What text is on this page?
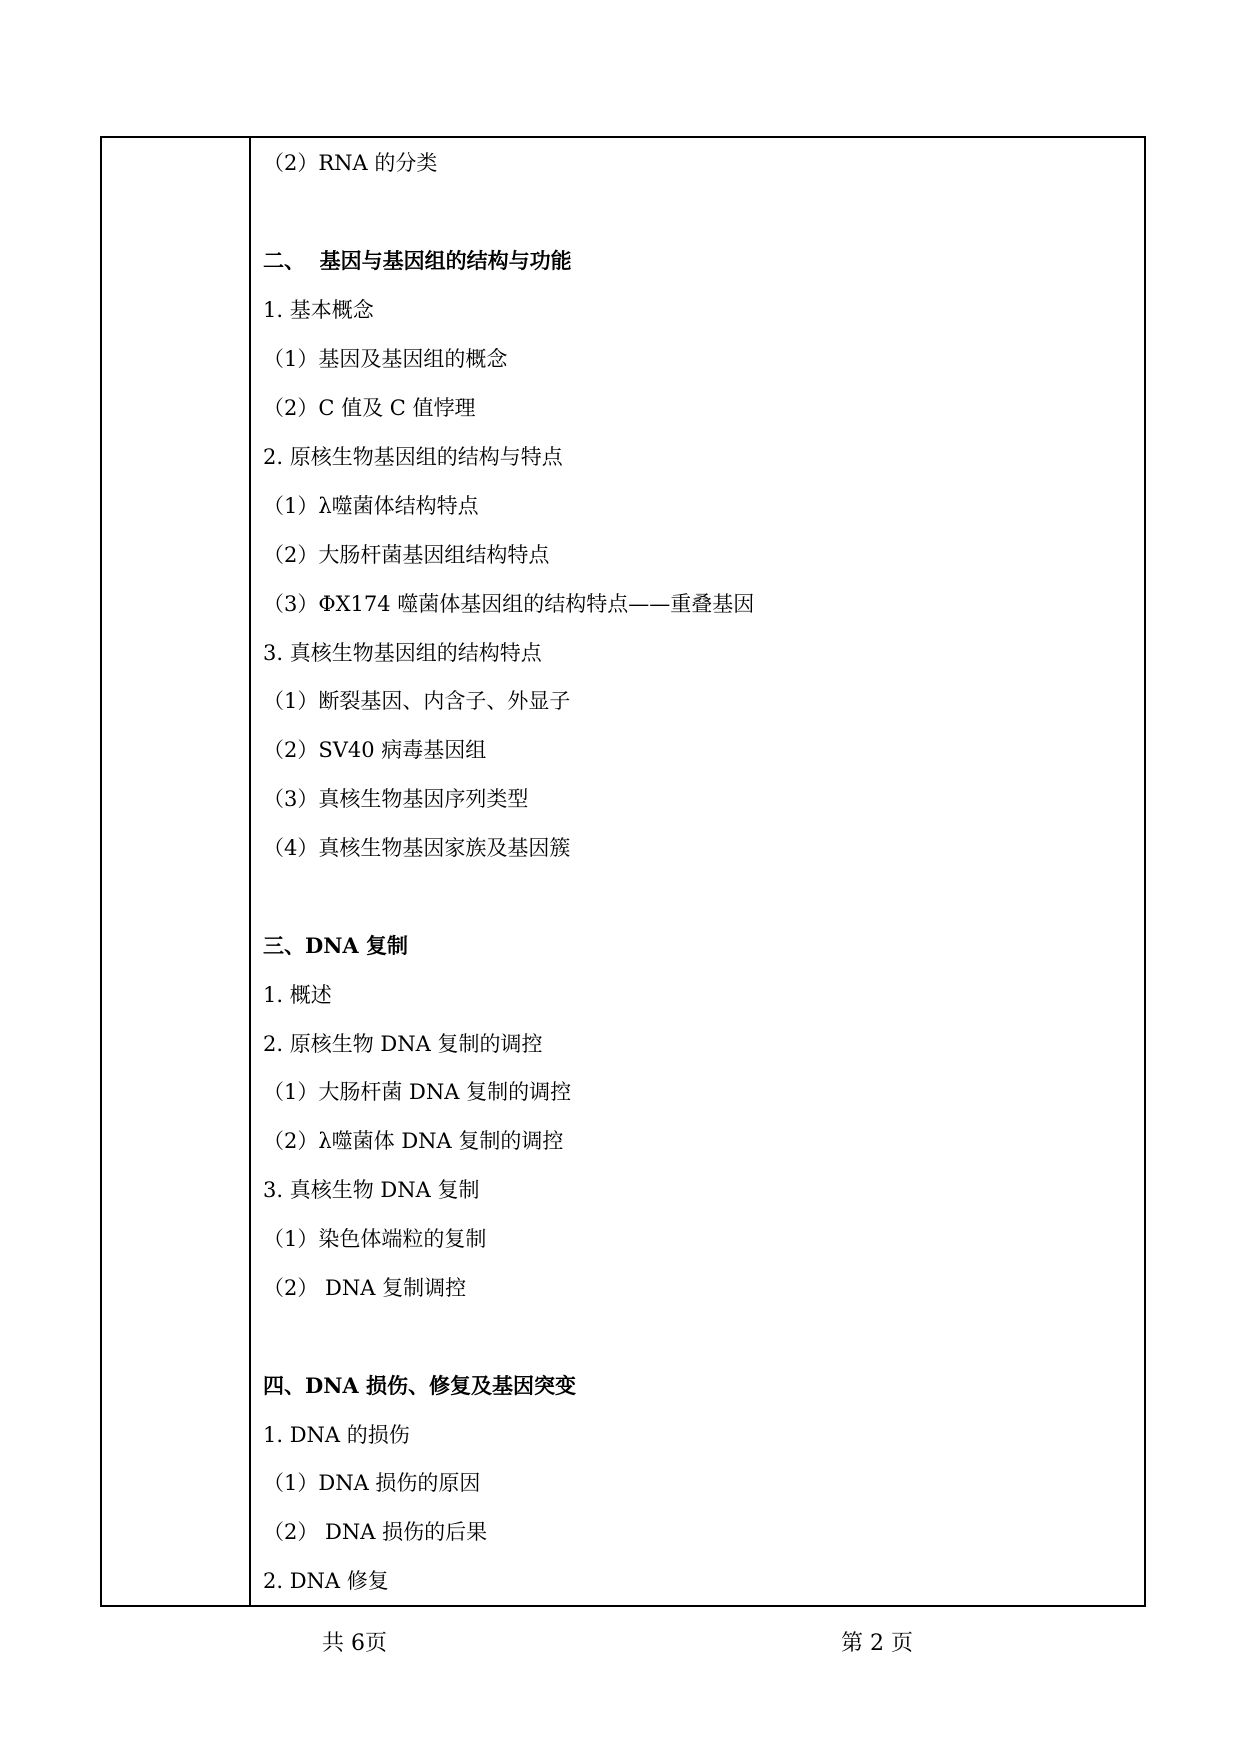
（2）RNA 的分类
二、  基因与基因组的结构与功能
1. 基本概念
（1）基因及基因组的概念
（2）C 值及 C 值悖理
2. 原核生物基因组的结构与特点
（1）λ噬菌体结构特点
（2）大肠杆菌基因组结构特点
（3）ΦX174 噬菌体基因组的结构特点——重叠基因
3. 真核生物基因组的结构特点
（1）断裂基因、内含子、外显子
（2）SV40 病毒基因组
（3）真核生物基因序列类型
（4）真核生物基因家族及基因簇
三、DNA 复制
1. 概述
2. 原核生物 DNA 复制的调控
（1）大肠杆菌 DNA 复制的调控
（2）λ噬菌体 DNA 复制的调控
3. 真核生物 DNA 复制
（1）染色体端粒的复制
（2） DNA 复制调控
四、DNA 损伤、修复及基因突变
1. DNA 的损伤
（1）DNA 损伤的原因
（2） DNA 损伤的后果
2. DNA 修复
共 6页	第 2 页
